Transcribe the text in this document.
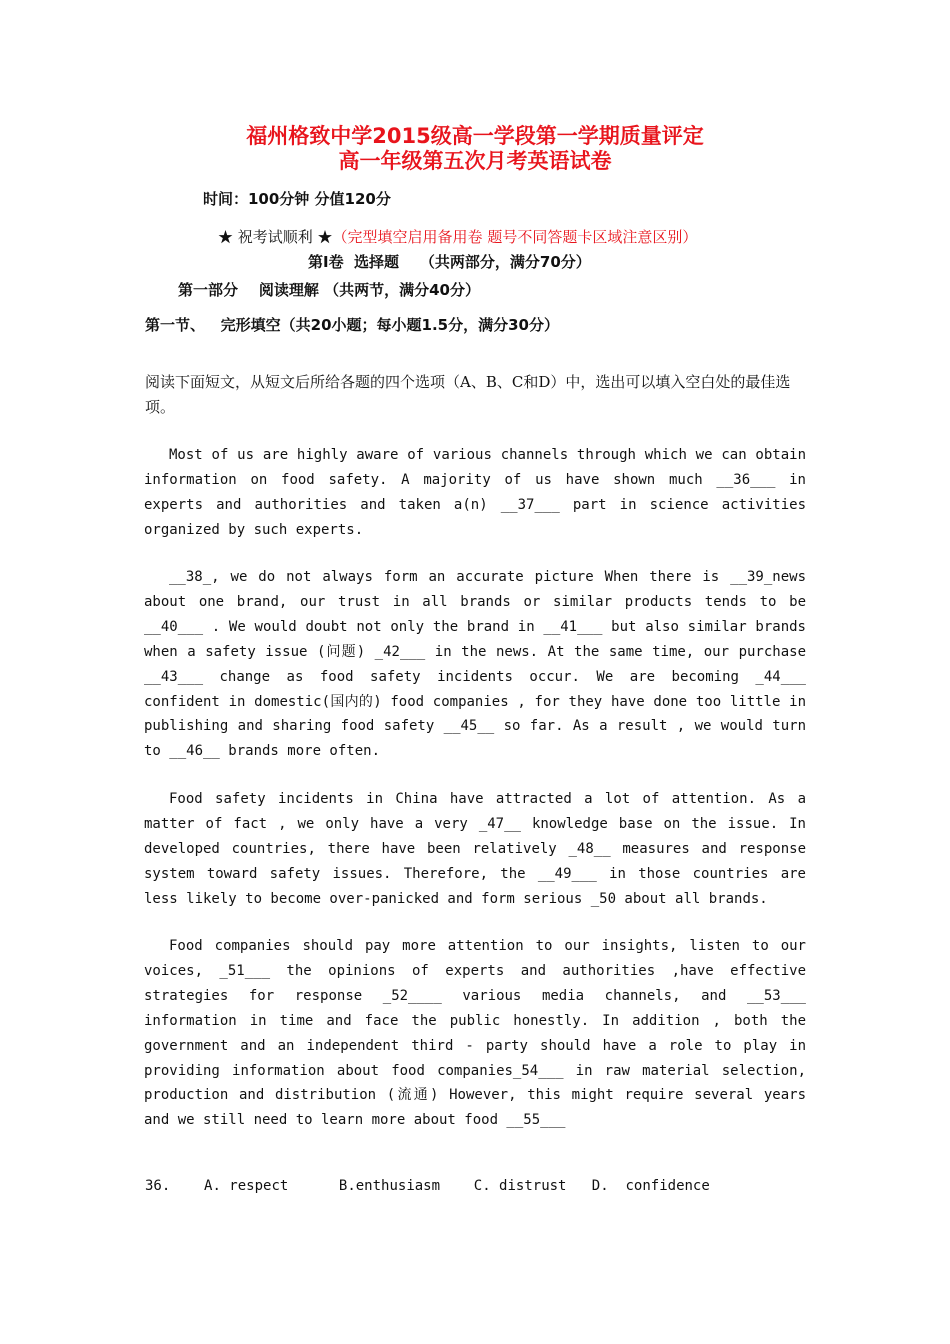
福州格致中学2015级高一学段第一学期质量评定
高一年级第五次月考英语试卷
时间：100分钟 分值120分
★ 祝考试顺利 ★（完型填空启用备用卷 题号不同答题卡区域注意区别）
第Ⅰ卷  选择题    （共两部分，满分70分）
第一部分    阅读理解 （共两节，满分40分）
第一节、   完形填空（共20小题；每小题1.5分，满分30分）
阅读下面短文，从短文后所给各题的四个选项（A、B、C和D）中，选出可以填入空白处的最佳选项。
Most of us are highly aware of various channels through which we can obtain information on food safety. A majority of us have shown much __36___ in experts and authorities and taken a(n) __37___ part in science activities organized by such experts.
__38_, we do not always form an accurate picture When there is __39_news about one brand, our trust in all brands or similar products tends to be __40___ . We would doubt not only the brand in __41___ but also similar brands when a safety issue (问题) _42___ in the news. At the same time, our purchase __43___ change as food safety incidents occur. We are becoming _44___ confident in domestic(国内的) food companies , for they have done too little in publishing and sharing food safety __45__ so far. As a result , we would turn to __46__ brands more often.
Food safety incidents in China have attracted a lot of attention. As a matter of fact , we only have a very _47__ knowledge base on the issue. In developed countries, there have been relatively _48__ measures and response system toward safety issues. Therefore, the __49___ in those countries are less likely to become over-panicked and form serious _50 about all brands.
Food companies should pay more attention to our insights, listen to our voices, _51___ the opinions of experts and authorities ,have effective strategies for response _52____ various media channels, and __53___ information in time and face the public honestly. In addition , both the government and an independent third - party should have a role to play in providing information about food companies_54___ in raw material selection, production and distribution (流通) However, this might require several years and we still need to learn more about food __55___
36. A. respect	B.enthusiasm C. distrust D.  confidence
